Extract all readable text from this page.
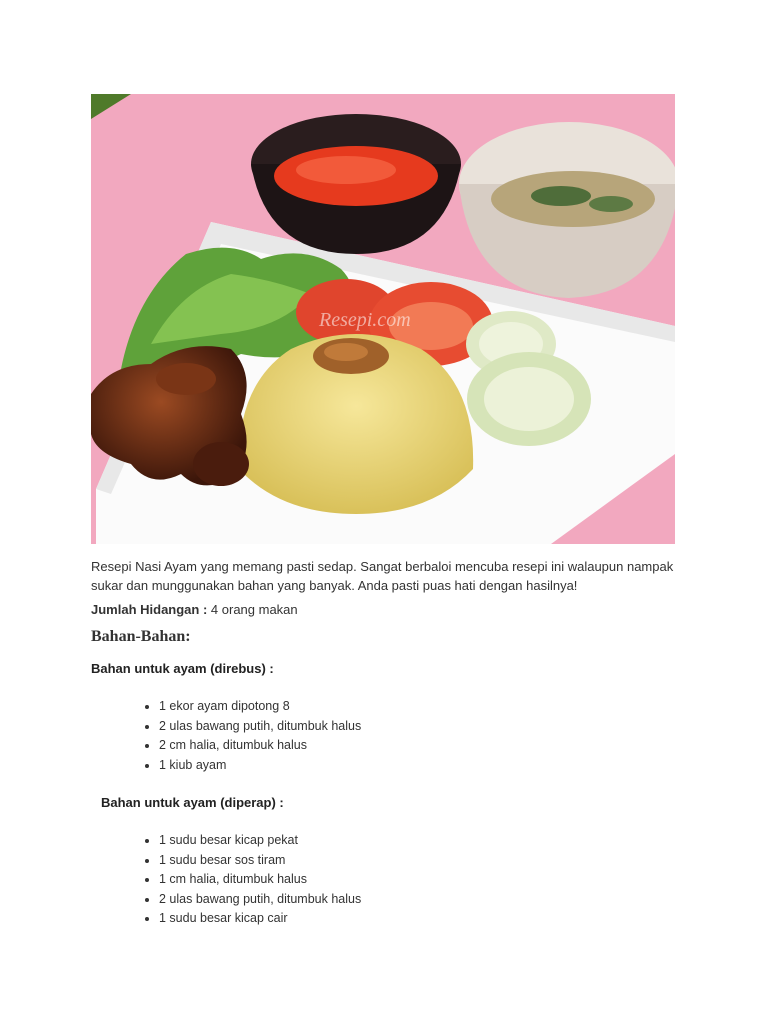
Resepi.com

Resepi Nasi Ayam yang memang pasti sedap. Sangat berbaloi mencuba resepi ini walaupun nampak sukar dan munggunakan bahan yang banyak. Anda pasti puas hati dengan hasilnya!

Jumlah Hidangan : 4 orang makan
Bahan-Bahan:
Bahan untuk ayam (direbus) :
• 1 ekor ayam dipotong 8
• 2 ulas bawang putih, ditumbuk halus
• 2 cm halia, ditumbuk halus
• 1 kiub ayam
Bahan untuk ayam (diperap) :
• 1 sudu besar kicap pekat
• 1 sudu besar sos tiram
• 1 cm halia, ditumbuk halus
• 2 ulas bawang putih, ditumbuk halus
• 1 sudu besar kicap cair
